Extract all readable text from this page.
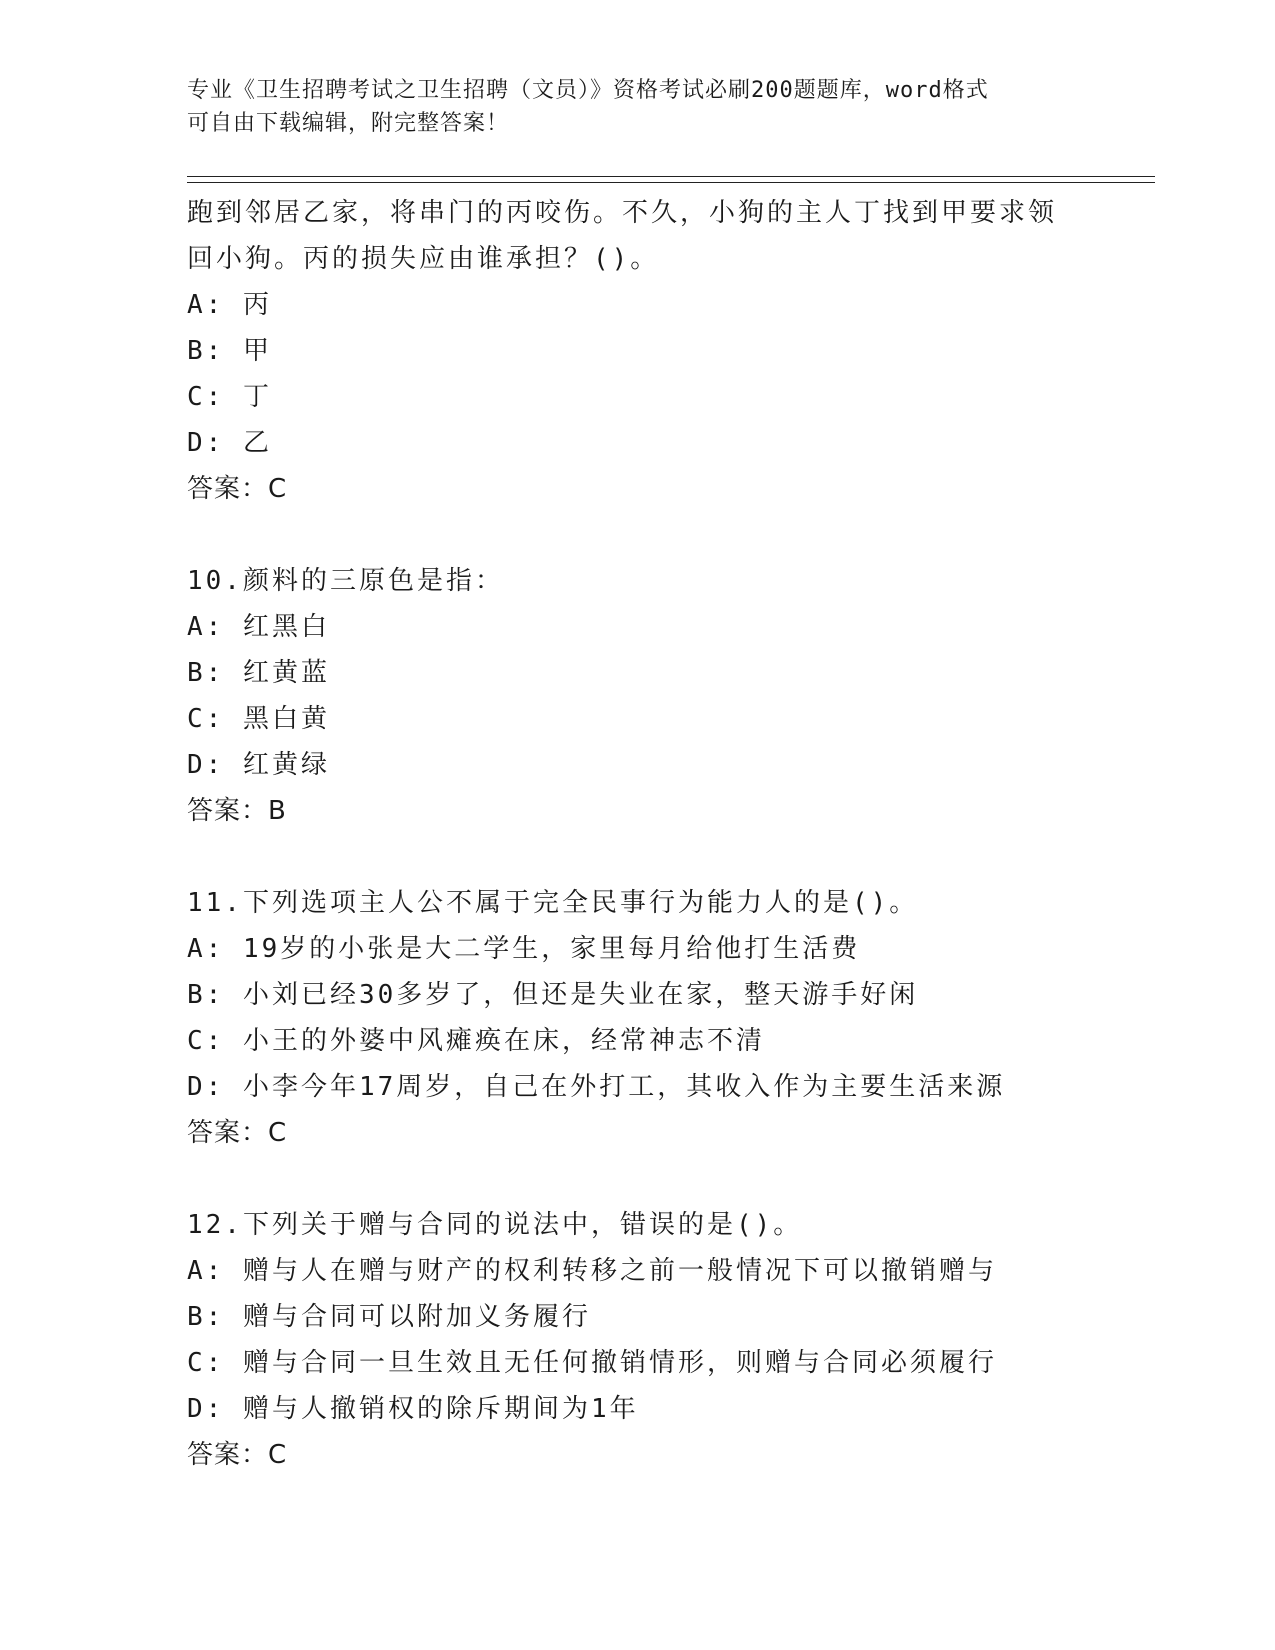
专业《卫生招聘考试之卫生招聘（文员）》资格考试必刷200题题库，word格式
可自由下载编辑，附完整答案！
跑到邻居乙家，将串门的丙咬伤。不久，小狗的主人丁找到甲要求领
回小狗。丙的损失应由谁承担？()。
A: 丙
B: 甲
C: 丁
D: 乙
答案：C
10.颜料的三原色是指：
A: 红黑白
B: 红黄蓝
C: 黑白黄
D: 红黄绿
答案：B
11.下列选项主人公不属于完全民事行为能力人的是()。
A: 19岁的小张是大二学生，家里每月给他打生活费
B: 小刘已经30多岁了，但还是失业在家，整天游手好闲
C: 小王的外婆中风瘫痪在床，经常神志不清
D: 小李今年17周岁，自己在外打工，其收入作为主要生活来源
答案：C
12.下列关于赠与合同的说法中，错误的是()。
A: 赠与人在赠与财产的权利转移之前一般情况下可以撤销赠与
B: 赠与合同可以附加义务履行
C: 赠与合同一旦生效且无任何撤销情形，则赠与合同必须履行
D: 赠与人撤销权的除斥期间为1年
答案：C
